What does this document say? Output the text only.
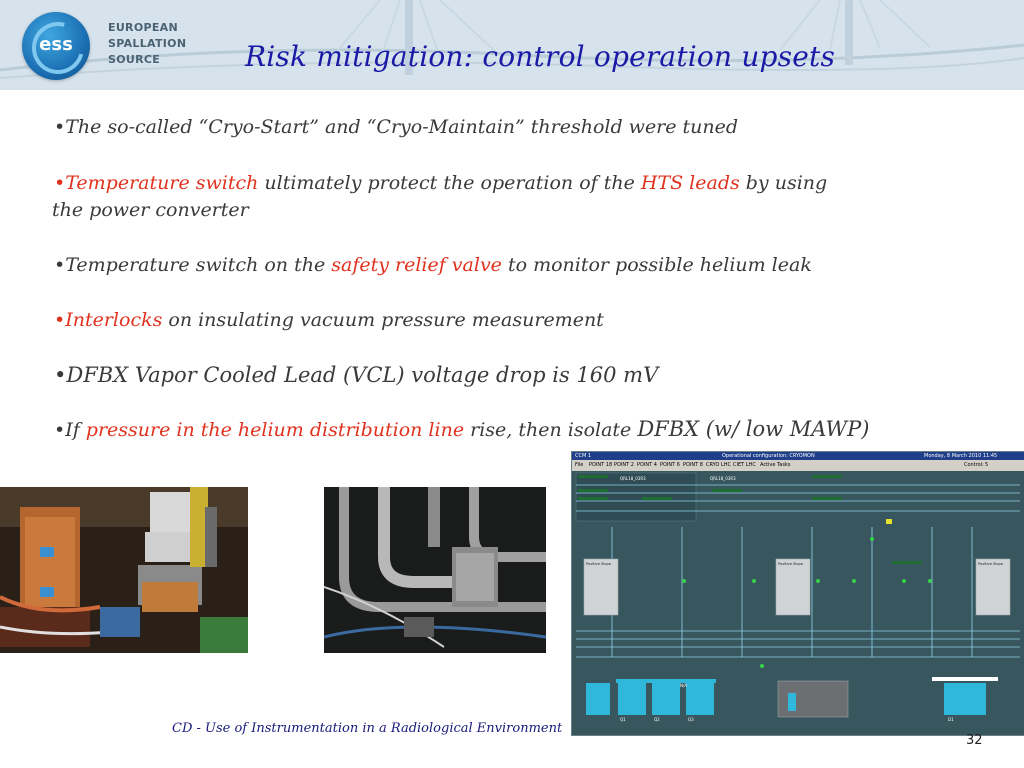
ess
EUROPEAN
SPALLATION
SOURCE	Risk mitigation: control operation upsets
•The so-called “Cryo-Start” and “Cryo-Maintain” threshold were tuned
•Temperature switch ultimately protect the operation of the HTS leads by using
the power converter
•Temperature switch on the safety relief valve to monitor possible helium leak
•Interlocks on insulating vacuum pressure measurement
•DFBX Vapor Cooled Lead (VCL) voltage drop is 160 mV
•If pressure in the helium distribution line rise, then isolate DFBX (w/ low MAWP)
CCM 1	Operational configuration: CRYOMON	Monday, 8 March 2010 11:45
File POINT 18 POINT 2 POINT 4 POINT 6 POINT 8 CRYO LHC CIET LHC Active Tasks	Control: 5
QRL18_03R3	QRL18_03R3
Positive Slope	Positive Slope	Positive Slope
Q1	Q2	Q3	D1
N/A
CD - Use of Instrumentation in a Radiological Environment
32
